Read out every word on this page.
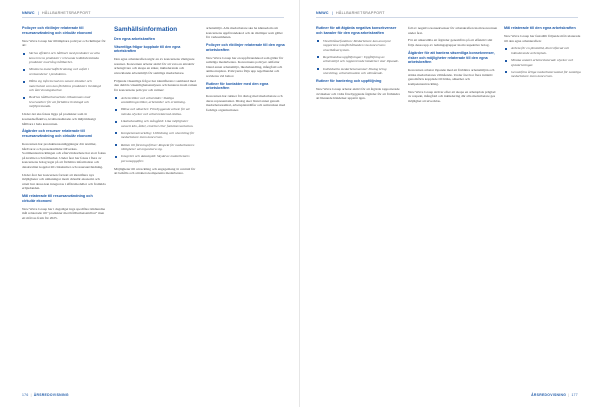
NMWC | HÅLLBARHETSRAPPORT

Policyer och riktlinjer relaterade till resursanvändning och cirkulär ekonomi

New Wave Group har tillämpbara policyer och riktlinjer för att:

Skriva effektivt och hållbart med produkter av alla koncernens produkter i relevanta ledtidsbestämda produkter med lång hållbarhet.
Minimera materialförbrukning och avfall i verksamheter i produktion.
Hålla sig informerad om senare tekniker och materialval som kan förbättra produkters livslängd och återvinningsbarhet.
Bedriva hållbarhetsarbete tillsammans med leverantörer för att förbättra livslängd och miljöprestanda.

Under det ska fokus ligga på produkter som är kostnadseffektiva, kvalitetssäkrade och miljömässigt hållbara i hela koncernen.

Åtgärder och resurser relaterade till resursanvändning och cirkulär ekonomi

Koncernen har produktionsanläggningar där textilier, hårdvaror och presentartiklar tillverkas. Sortimentsutvecklingen och eftervärdsarbete har stort fokus på kvalitet och hållbarhet. Under året har fokus i flera av koncernens bolag legat på att förbättra information och datakvalitet kopplat till cirkularitet och resursanvändning.

Under året har koncernen fortsatt att identifiera nya möjligheter och utmaningar inom cirkulär ekonomi och utrett hur dessa kan integreras i affärsmodeller och framtida erbjudanden.

Mål relaterade till resursanvändning och cirkulär ekonomi

New Wave Group har i dagsläget inga specifika tidsbundna mål relaterade till "produkter med hållbarhetsattribut" men ett mål tas fram för 2025.

Samhällsinformation

Den egna arbetskraften

Väsentliga frågor kopplade till den egna arbetskraften

Den egna arbetskraften utgör en av koncernens viktigaste resurser. Koncernen arbetar aktivt för att vara en attraktiv arbetsgivare och skapa en säker, inkluderande och utvecklande arbetsmiljö för samtliga medarbetare.

Följande väsentliga frågor har identifierats i samband med den dubbla väsentlighetsanalysen och hanteras inom ramen för koncernens policyer och rutiner:

Arbetsvillkor och arbetstider: Skäliga anställningsvillkor, arbetstider och ersättning.
Hälsa och säkerhet: Förebyggande arbete för att minska olyckor och arbetsrelaterad ohälsa.
Likabehandling och mångfald: Lika möjligheter oavsett kön, ålder, etnicitet eller funktionsvariation.
Kompetensutveckling: Utbildning och utveckling för medarbetare inom koncernen.
Rätten till föreningsfrihet: Respekt för medarbetares rättigheter att organisera sig.
Integritet och dataskydd: Skydd av medarbetares personuppgifter.

Möjligheter till utveckling och engagemang är centralt för att behålla och attrahera kompetenta medarbetare.

arbetsmiljö. Alla medarbetare ska ha kännedom om koncernens uppförandekod och de riktlinjer som gäller för verksamheten.

Policyer och riktlinjer relaterade till den egna arbetskraften

New Wave Group har en uppförandekod som gäller för samtliga medarbetare. Koncernens policyer omfattar bland annat arbetsmiljö, likabehandling, mångfald och antikorruption. Policyerna följs upp regelbundet och revideras vid behov.

Rutiner för kontakter med den egna arbetskraften

Koncernen har rutiner för dialog med medarbetare och deras representanter. Dialog sker bland annat genom medarbetarsamtal, arbetsplatsträffar och samverkan med fackliga organisationer.

176 | ÅRSREDOVISNING
NMWC | HÅLLBARHETSRAPPORT

Rutiner för att åtgärda negativa konsekvenser och kanaler för den egna arbetskraften

Visselblåsarfunktion: Medarbetare kan anonymt rapportera missförhållanden via koncernens visselblåsarsystem.
Regelbundna uppföljningar: Uppföljning av arbetsmiljö och rapporterade händelser sker löpande.
Individuella medarbetarsamtal: Dialog kring utveckling, arbetssituation och välmående.

Rutiner för hantering och uppföljning

New Wave Group arbetar aktivt för att åtgärda rapporterade avvikelser och vidta förebyggande åtgärder för att förhindra att liknande händelser uppstår igen.

fall av negativa konsekvenser för arbetskraften inom koncernen under året.

För att säkerställa att åtgärder genomförs på ett effektivt sätt följs dessa upp av ledningsgrupper inom respektive bolag.

Åtgärder för att hantera väsentliga konsekvenser, risker och möjligheter relaterade till den egna arbetskraften

Koncernen arbetar löpande med att förbättra arbetsmiljön och stärka medarbetares välmående. Under året har flera initiativ genomförts kopplade till hälsa, säkerhet och kompetensutveckling.

New Wave Group strävar efter att skapa en arbetsplats präglad av respekt, mångfald och inkludering där alla medarbetare ges möjlighet att utvecklas.

Mål relaterade till den egna arbetskraften

New Wave Group har fastställt följande mål relaterade till den egna arbetskraften:

Arbeta för en jämställd, diversifierad och inkluderande arbetsplats.
Minska antalet arbetsrelaterade olyckor och sjukskrivningar.
Genomföra årliga medarbetarsamtal för samtliga medarbetare inom koncernen.
ÅRSREDOVISNING | 177
